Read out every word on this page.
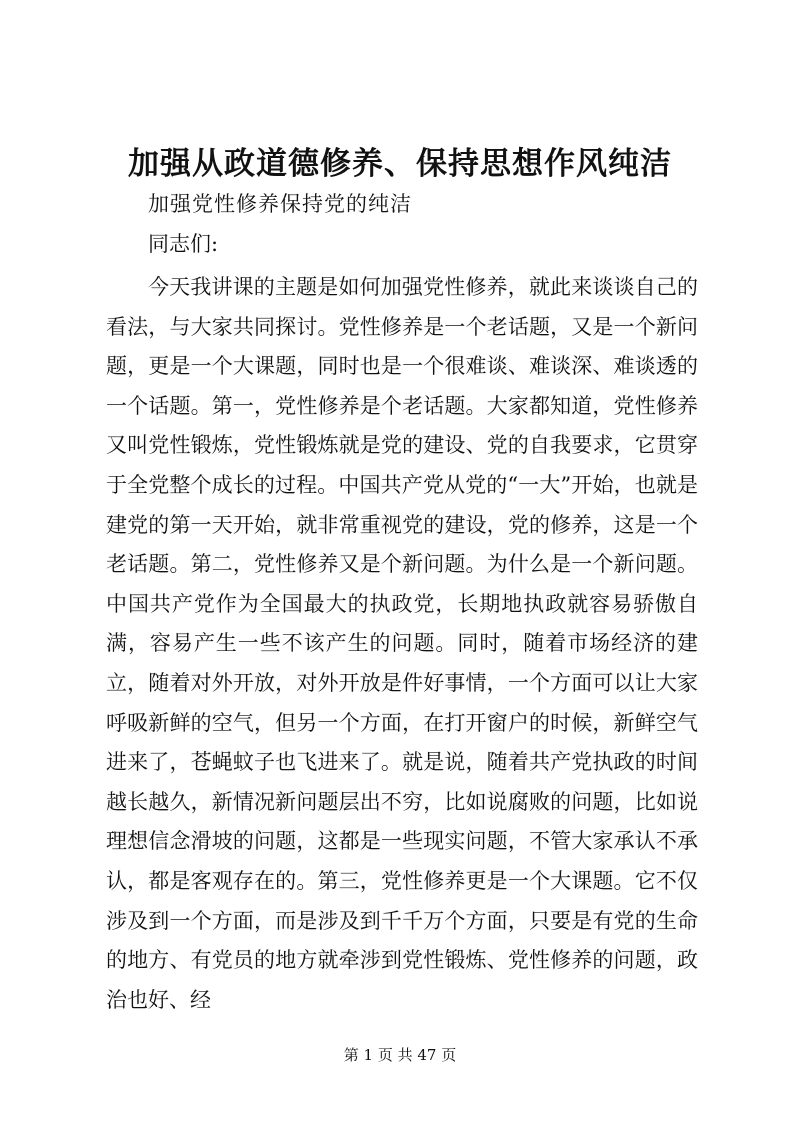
加强从政道德修养、保持思想作风纯洁

加强党性修养保持党的纯洁

同志们:

今天我讲课的主题是如何加强党性修养，就此来谈谈自己的看法，与大家共同探讨。党性修养是一个老话题，又是一个新问题，更是一个大课题，同时也是一个很难谈、难谈深、难谈透的一个话题。第一，党性修养是个老话题。大家都知道，党性修养又叫党性锻炼，党性锻炼就是党的建设、党的自我要求，它贯穿于全党整个成长的过程。中国共产党从党的“一大”开始，也就是建党的第一天开始，就非常重视党的建设，党的修养，这是一个老话题。第二，党性修养又是个新问题。为什么是一个新问题。中国共产党作为全国最大的执政党，长期地执政就容易骄傲自满，容易产生一些不该产生的问题。同时，随着市场经济的建立，随着对外开放，对外开放是件好事情，一个方面可以让大家呼吸新鲜的空气，但另一个方面，在打开窗户的时候，新鲜空气进来了，苍蝇蚊子也飞进来了。就是说，随着共产党执政的时间越长越久，新情况新问题层出不穷，比如说腐败的问题，比如说理想信念滑坡的问题，这都是一些现实问题，不管大家承认不承认，都是客观存在的。第三，党性修养更是一个大课题。它不仅涉及到一个方面，而是涉及到千千万个方面，只要是有党的生命的地方、有党员的地方就牵涉到党性锻炼、党性修养的问题，政治也好、经

第 1 页 共 47 页
